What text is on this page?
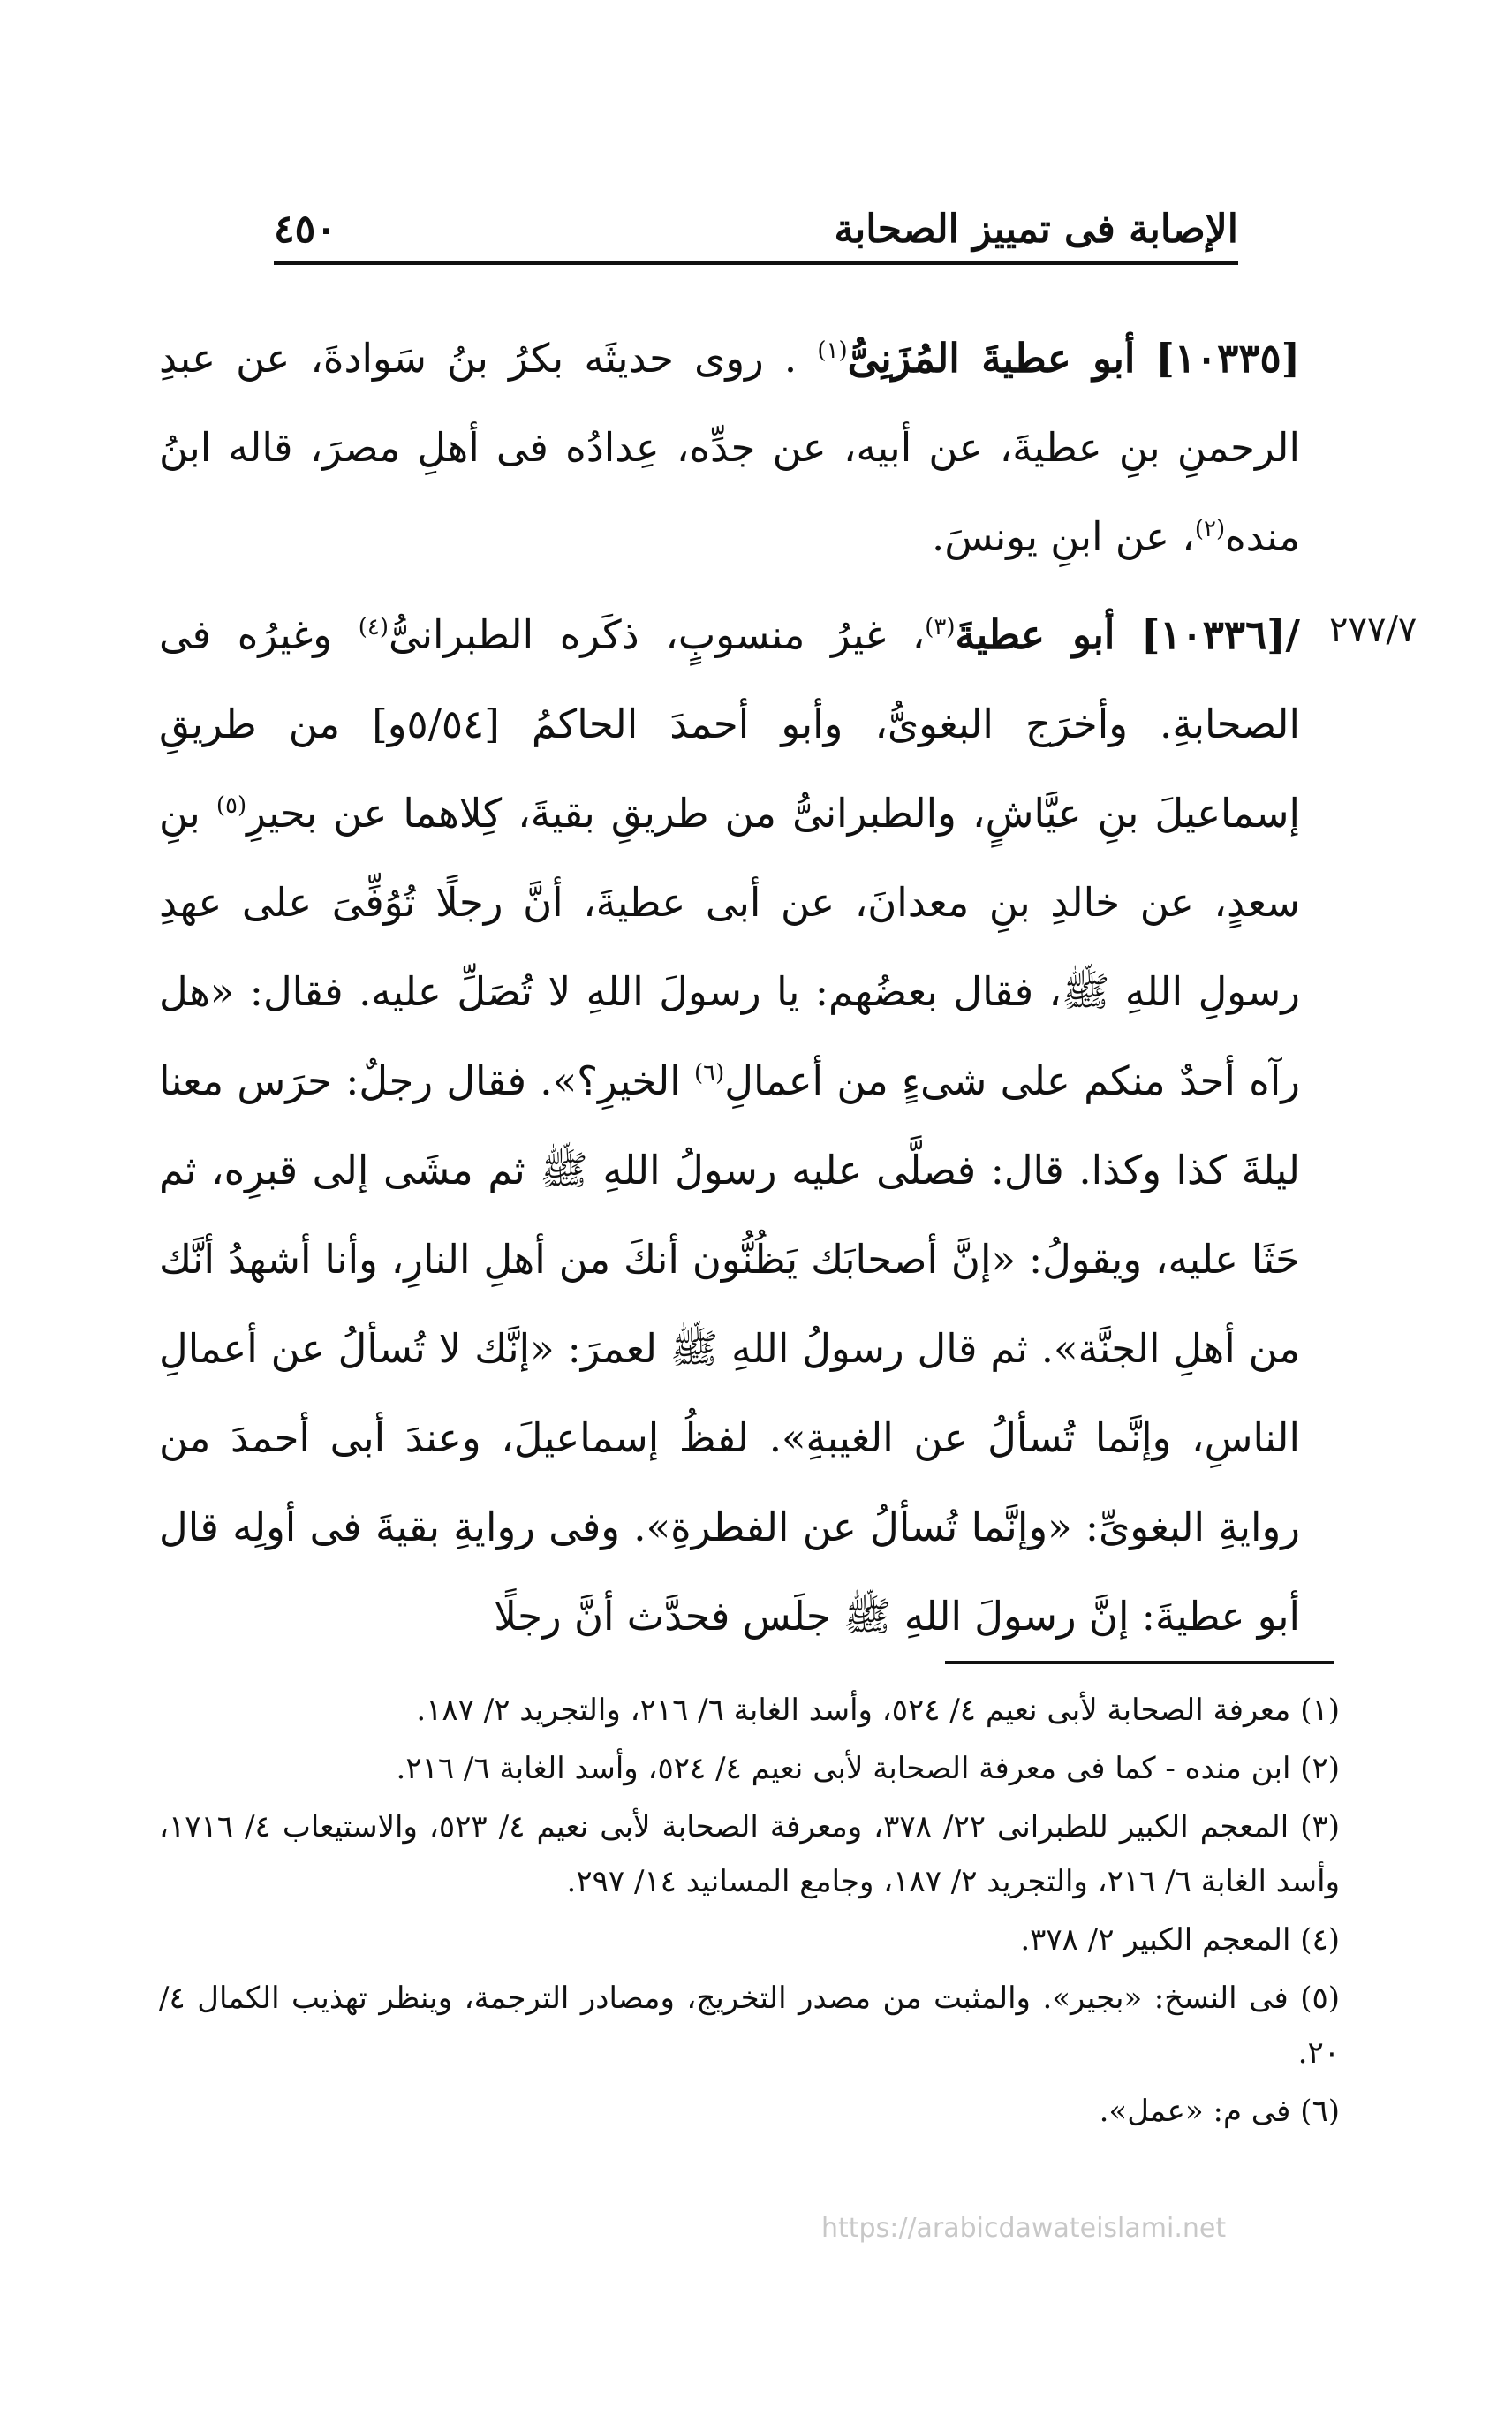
٤٥٠	الإصابة فى تمييز الصحابة
٢٧٧/٧

[١٠٣٣٥] أبو عطيةَ المُزَنِىُّ$^{(١)}$ . روى حديثَه بكرُ بنُ سَوادةَ، عن عبدِ الرحمنِ بنِ عطيةَ، عن أبيه، عن جدِّه، عِدادُه فى أهلِ مصرَ، قاله ابنُ منده$^{(٢)}$، عن ابنِ يونسَ.

/[١٠٣٣٦] أبو عطيةَ$^{(٣)}$، غيرُ منسوبٍ، ذكَره الطبرانىُّ$^{(٤)}$ وغيرُه فى الصحابةِ. وأخرَج البغوىُّ، وأبو أحمدَ الحاكمُ [٥/٥٤و] من طريقِ إسماعيلَ بنِ عيَّاشٍ، والطبرانىُّ من طريقِ بقيةَ، كِلاهما عن بحيرِ$^{(٥)}$ بنِ سعدٍ، عن خالدِ بنِ معدانَ، عن أبى عطيةَ، أنَّ رجلًا تُوُفِّىَ على عهدِ رسولِ اللهِ ﷺ، فقال بعضُهم: يا رسولَ اللهِ لا تُصَلِّ عليه. فقال: «هل رآه أحدٌ منكم على شىءٍ من أعمالِ$^{(٦)}$ الخيرِ؟». فقال رجلٌ: حرَس معنا ليلةَ كذا وكذا. قال: فصلَّى عليه رسولُ اللهِ ﷺ ثم مشَى إلى قبرِه، ثم حَثَا عليه، ويقولُ: «إنَّ أصحابَك يَظُنُّون أنكَ من أهلِ النارِ، وأنا أشهدُ أنَّك من أهلِ الجنَّة». ثم قال رسولُ اللهِ ﷺ لعمرَ: «إنَّك لا تُسألُ عن أعمالِ الناسِ، وإنَّما تُسألُ عن الغيبةِ». لفظُ إسماعيلَ، وعندَ أبى أحمدَ من روايةِ البغوىِّ: «وإنَّما تُسألُ عن الفطرةِ». وفى روايةِ بقيةَ فى أولِه قال أبو عطيةَ: إنَّ رسولَ اللهِ ﷺ جلَس فحدَّث أنَّ رجلًا

(١) معرفة الصحابة لأبى نعيم ٤/ ٥٢٤، وأسد الغابة ٦/ ٢١٦، والتجريد ٢/ ١٨٧.

(٢) ابن منده - كما فى معرفة الصحابة لأبى نعيم ٤/ ٥٢٤، وأسد الغابة ٦/ ٢١٦.

(٣) المعجم الكبير للطبرانى ٢٢/ ٣٧٨، ومعرفة الصحابة لأبى نعيم ٤/ ٥٢٣، والاستيعاب ٤/ ١٧١٦، وأسد الغابة ٦/ ٢١٦، والتجريد ٢/ ١٨٧، وجامع المسانيد ١٤/ ٢٩٧.

(٤) المعجم الكبير ٢/ ٣٧٨.

(٥) فى النسخ: «بجير». والمثبت من مصدر التخريج، ومصادر الترجمة، وينظر تهذيب الكمال ٤/ ٢٠.

(٦) فى م: «عمل».

https://arabicdawateislami.net
